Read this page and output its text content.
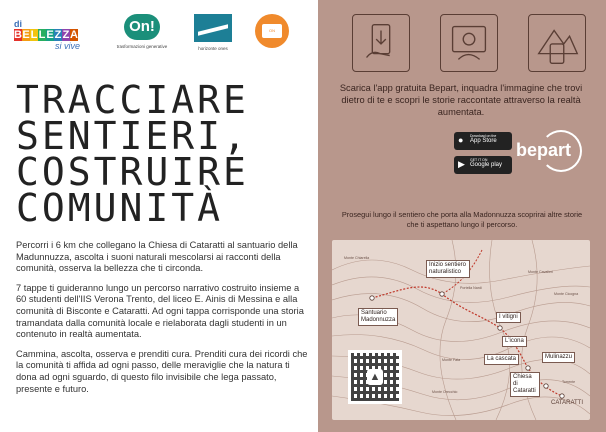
di
B E L L E Z Z A
si vive
On!
trasformazioni generative	horizonte ones
ON SQUARE
TRACCIARE
SENTIERI,
COSTRUIRE
COMUNITÀ

Percorri i 6 km che collegano la Chiesa di Cataratti al santuario della Madunnuzza, ascolta i suoni naturali mescolarsi ai racconti della comunità, osserva la bellezza che ti circonda.

7 tappe ti guideranno lungo un percorso narrativo costruito insieme a 60 studenti dell'IIS Verona Trento, del liceo E. Ainis di Messina e alla comunità di Bisconte e Cataratti. Ad ogni tappa corrisponde una storia tramandata dalla comunità locale e rielaborata dagli studenti in un contenuto in realtà aumentata.

Cammina, ascolta, osserva e prenditi cura. Prenditi cura dei ricordi che la comunità ti affida ad ogni passo, delle meraviglie che la natura ti dona ad ogni sguardo, di questo filo invisibile che lega passato, presente e futuro.

Scarica l'app gratuita Bepart, inquadra l'immagine che trovi dietro di te e scopri le storie raccontate attraverso la realtà aumentata.

● Download on the
App Store
▶ GET IT ON
Google play
bepart

Prosegui lungo il sentiero che porta alla Madonnuzza scoprirai altre storie che ti aspettano lungo il percorso.

Inizio sentiero naturalistico
Santuario Madonnuzza	I vitigni
L'icona
La cascata	Mulinazzu
Chiesa di Cataratti
CATARATTI
Monte Chiarella
Monte Cavalieri
Monte Cicogna
Monte Fata
Portella Nardi
Monte Orecchio
Torrente
▲
